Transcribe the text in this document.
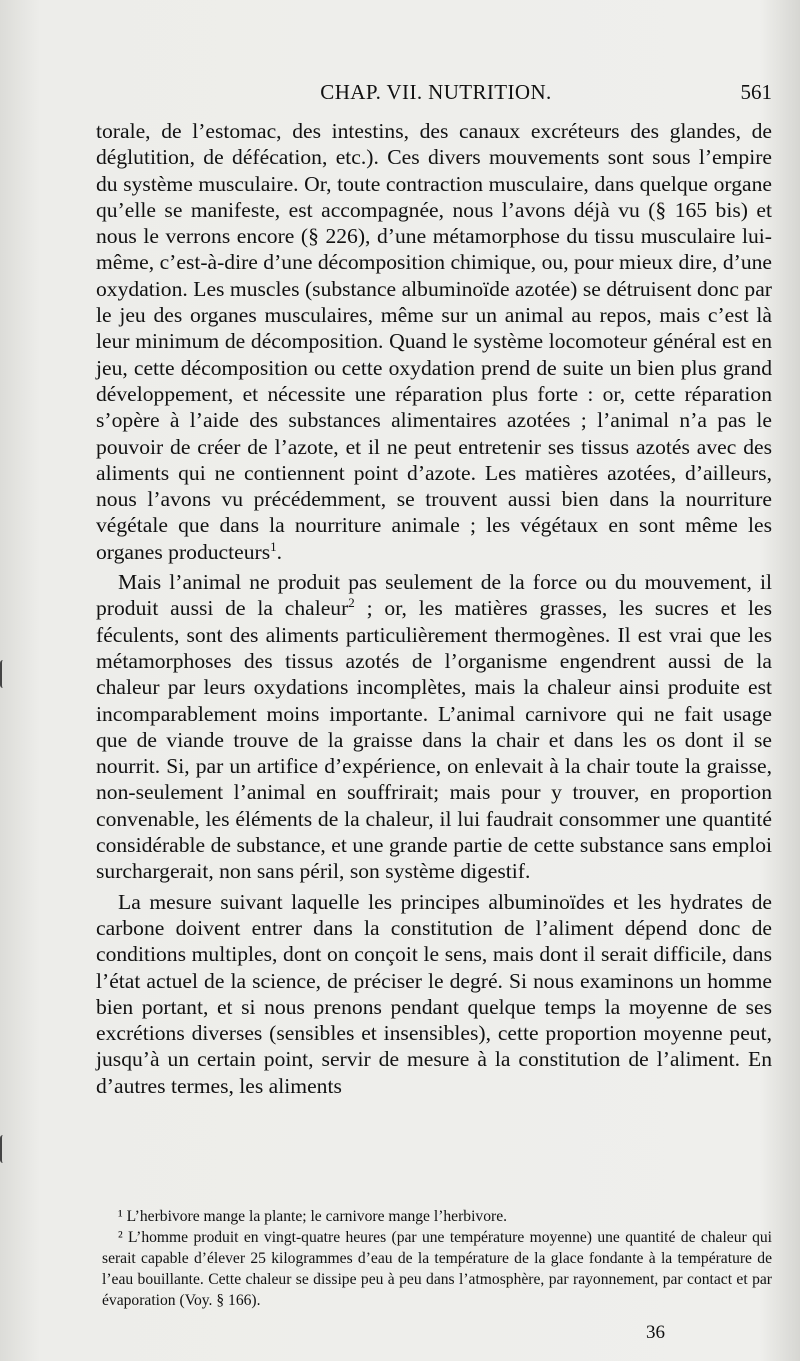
CHAP. VII. NUTRITION.	561

torale, de l’estomac, des intestins, des canaux excréteurs des glandes, de déglutition, de défécation, etc.). Ces divers mouvements sont sous l’empire du système musculaire. Or, toute contraction musculaire, dans quelque organe qu’elle se manifeste, est accompagnée, nous l’avons déjà vu (§ 165 bis) et nous le verrons encore (§ 226), d’une métamorphose du tissu musculaire lui-même, c’est-à-dire d’une décomposition chimique, ou, pour mieux dire, d’une oxydation. Les muscles (substance albuminoïde azotée) se détruisent donc par le jeu des organes musculaires, même sur un animal au repos, mais c’est là leur minimum de décomposition. Quand le système locomoteur général est en jeu, cette décomposition ou cette oxydation prend de suite un bien plus grand développement, et nécessite une réparation plus forte : or, cette réparation s’opère à l’aide des substances alimentaires azotées ; l’animal n’a pas le pouvoir de créer de l’azote, et il ne peut entretenir ses tissus azotés avec des aliments qui ne contiennent point d’azote. Les matières azotées, d’ailleurs, nous l’avons vu précédemment, se trouvent aussi bien dans la nourriture végétale que dans la nourriture animale ; les végétaux en sont même les organes producteurs$^1$.

Mais l’animal ne produit pas seulement de la force ou du mouvement, il produit aussi de la chaleur$^2$ ; or, les matières grasses, les sucres et les féculents, sont des aliments particulièrement thermogènes. Il est vrai que les métamorphoses des tissus azotés de l’organisme engendrent aussi de la chaleur par leurs oxydations incomplètes, mais la chaleur ainsi produite est incomparablement moins importante. L’animal carnivore qui ne fait usage que de viande trouve de la graisse dans la chair et dans les os dont il se nourrit. Si, par un artifice d’expérience, on enlevait à la chair toute la graisse, non-seulement l’animal en souffrirait; mais pour y trouver, en proportion convenable, les éléments de la chaleur, il lui faudrait consommer une quantité considérable de substance, et une grande partie de cette substance sans emploi surchargerait, non sans péril, son système digestif.

La mesure suivant laquelle les principes albuminoïdes et les hydrates de carbone doivent entrer dans la constitution de l’aliment dépend donc de conditions multiples, dont on conçoit le sens, mais dont il serait difficile, dans l’état actuel de la science, de préciser le degré. Si nous examinons un homme bien portant, et si nous prenons pendant quelque temps la moyenne de ses excrétions diverses (sensibles et insensibles), cette proportion moyenne peut, jusqu’à un certain point, servir de mesure à la constitution de l’aliment. En d’autres termes, les aliments

¹ L’herbivore mange la plante; le carnivore mange l’herbivore.

² L’homme produit en vingt-quatre heures (par une température moyenne) une quantité de chaleur qui serait capable d’élever 25 kilogrammes d’eau de la température de la glace fondante à la température de l’eau bouillante. Cette chaleur se dissipe peu à peu dans l’atmosphère, par rayonnement, par contact et par évaporation (Voy. § 166).

36
